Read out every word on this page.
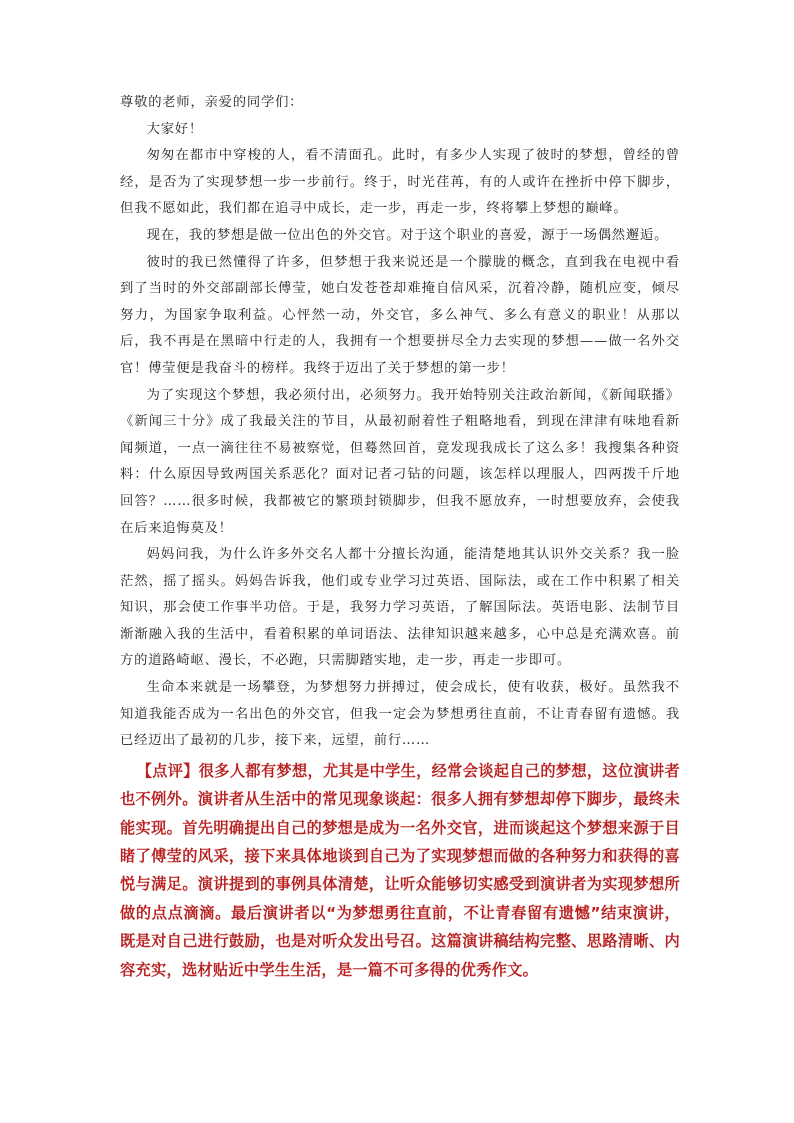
尊敬的老师，亲爱的同学们：

大家好！

匆匆在都市中穿梭的人，看不清面孔。此时，有多少人实现了彼时的梦想，曾经的曾经，是否为了实现梦想一步一步前行。终于，时光荏苒，有的人或许在挫折中停下脚步，但我不愿如此，我们都在追寻中成长，走一步，再走一步，终将攀上梦想的巅峰。

现在，我的梦想是做一位出色的外交官。对于这个职业的喜爱，源于一场偶然邂逅。

彼时的我已然懂得了许多，但梦想于我来说还是一个朦胧的概念，直到我在电视中看到了当时的外交部副部长傅莹，她白发苍苍却难掩自信风采，沉着冷静，随机应变，倾尽努力，为国家争取利益。心怦然一动，外交官，多么神气、多么有意义的职业！从那以后，我不再是在黑暗中行走的人，我拥有一个想要拼尽全力去实现的梦想——做一名外交官！傅莹便是我奋斗的榜样。我终于迈出了关于梦想的第一步！

为了实现这个梦想，我必须付出，必须努力。我开始特别关注政治新闻，《新闻联播》《新闻三十分》成了我最关注的节目，从最初耐着性子粗略地看，到现在津津有味地看新闻频道，一点一滴往往不易被察觉，但蓦然回首，竟发现我成长了这么多！我搜集各种资料：什么原因导致两国关系恶化？面对记者刁钻的问题，该怎样以理服人，四两拨千斤地回答？……很多时候，我都被它的繁琐封锁脚步，但我不愿放弃，一时想要放弃，会使我在后来追悔莫及！

妈妈问我，为什么许多外交名人都十分擅长沟通，能清楚地其认识外交关系？我一脸茫然，摇了摇头。妈妈告诉我，他们或专业学习过英语、国际法，或在工作中积累了相关知识，那会使工作事半功倍。于是，我努力学习英语，了解国际法。英语电影、法制节目渐渐融入我的生活中，看着积累的单词语法、法律知识越来越多，心中总是充满欢喜。前方的道路崎岖、漫长，不必跑，只需脚踏实地，走一步，再走一步即可。

生命本来就是一场攀登，为梦想努力拼搏过，使会成长，使有收获，极好。虽然我不知道我能否成为一名出色的外交官，但我一定会为梦想勇往直前，不让青春留有遗憾。我已经迈出了最初的几步，接下来，远望，前行……

【点评】很多人都有梦想，尤其是中学生，经常会谈起自己的梦想，这位演讲者也不例外。演讲者从生活中的常见现象谈起：很多人拥有梦想却停下脚步，最终未能实现。首先明确提出自己的梦想是成为一名外交官，进而谈起这个梦想来源于目睹了傅莹的风采，接下来具体地谈到自己为了实现梦想而做的各种努力和获得的喜悦与满足。演讲提到的事例具体清楚，让听众能够切实感受到演讲者为实现梦想所做的点点滴滴。最后演讲者以“为梦想勇往直前，不让青春留有遗憾”结束演讲，既是对自己进行鼓励，也是对听众发出号召。这篇演讲稿结构完整、思路清晰、内容充实，选材贴近中学生生活，是一篇不可多得的优秀作文。
